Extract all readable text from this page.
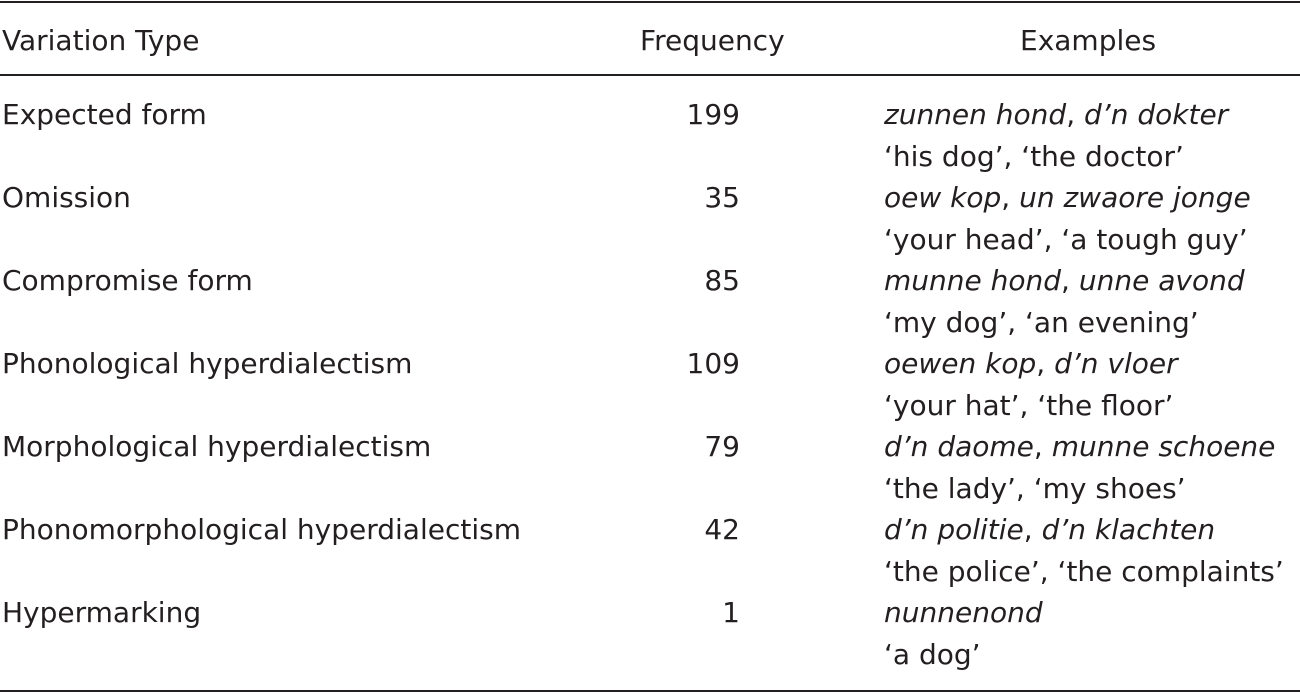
Variation Type	Frequency	Examples
Expected form	199	zunnen hond, d’n dokter
‘his dog’, ‘the doctor’
Omission	35	oew kop, un zwaore jonge
‘your head’, ‘a tough guy’
Compromise form	85	munne hond, unne avond
‘my dog’, ‘an evening’
Phonological hyperdialectism	109	oewen kop, d’n vloer
‘your hat’, ‘the floor’
Morphological hyperdialectism	79	d’n daome, munne schoene
‘the lady’, ‘my shoes’
Phonomorphological hyperdialectism	42	d’n politie, d’n klachten
‘the police’, ‘the complaints’
Hypermarking	1	nunnenond
‘a dog’
